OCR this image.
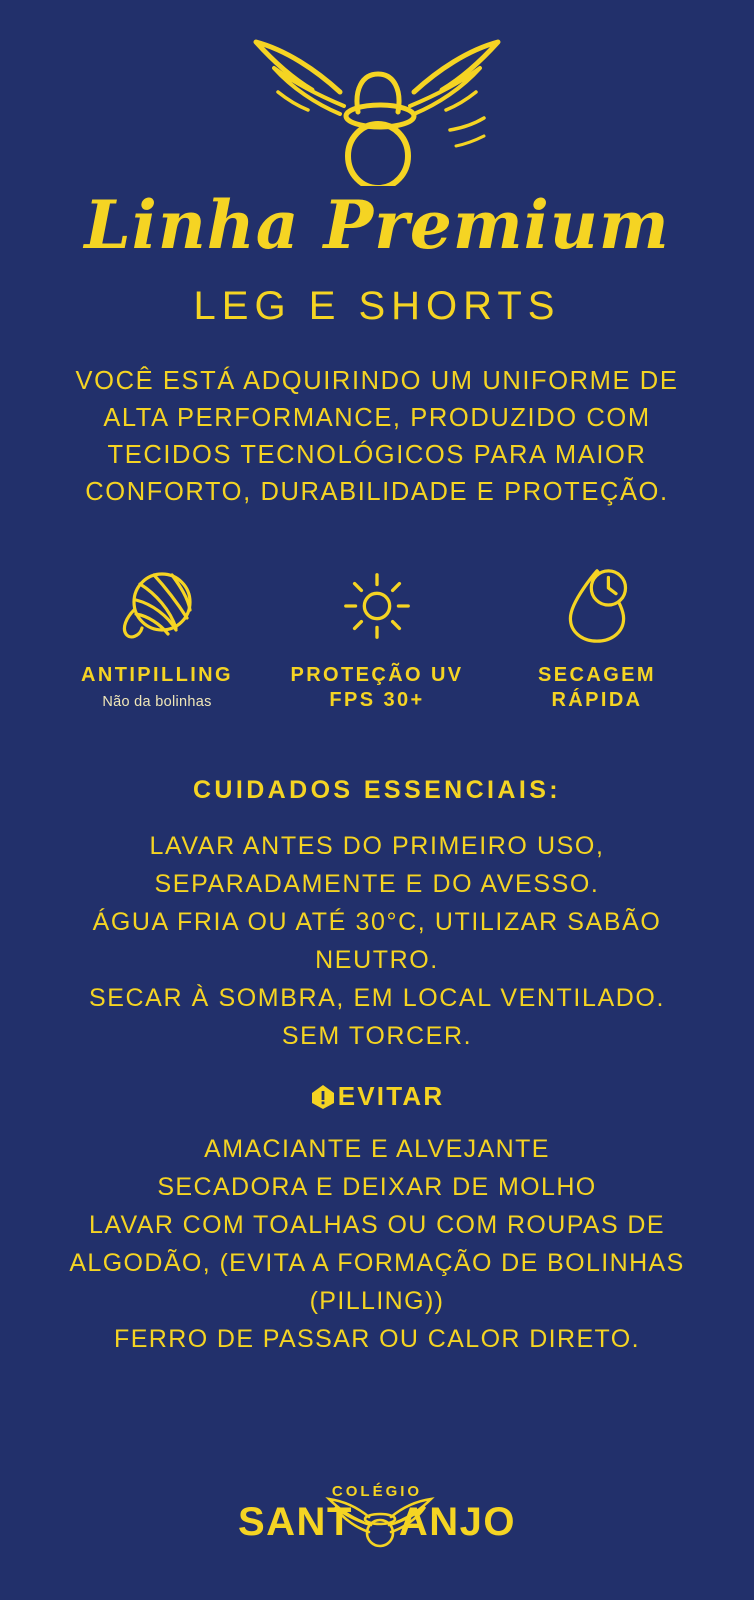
Linha Premium
LEG E SHORTS
VOCÊ ESTÁ ADQUIRINDO UM UNIFORME DE
ALTA PERFORMANCE, PRODUZIDO COM
TECIDOS TECNOLÓGICOS PARA MAIOR
CONFORTO, DURABILIDADE E PROTEÇÃO.
ANTIPILLING
Não da bolinhas
PROTEÇÃO UV
FPS 30+
SECAGEM
RÁPIDA
CUIDADOS ESSENCIAIS:
LAVAR ANTES DO PRIMEIRO USO,
SEPARADAMENTE E DO AVESSO.
ÁGUA FRIA OU ATÉ 30°C, UTILIZAR SABÃO
NEUTRO.
SECAR À SOMBRA, EM LOCAL VENTILADO.
SEM TORCER.
EVITAR
AMACIANTE E ALVEJANTE
SECADORA E DEIXAR DE MOLHO
LAVAR COM TOALHAS OU COM ROUPAS DE
ALGODÃO, (EVITA A FORMAÇÃO DE BOLINHAS
(PILLING))
FERRO DE PASSAR OU CALOR DIRETO.
COLÉGIO
SANT ANJO
